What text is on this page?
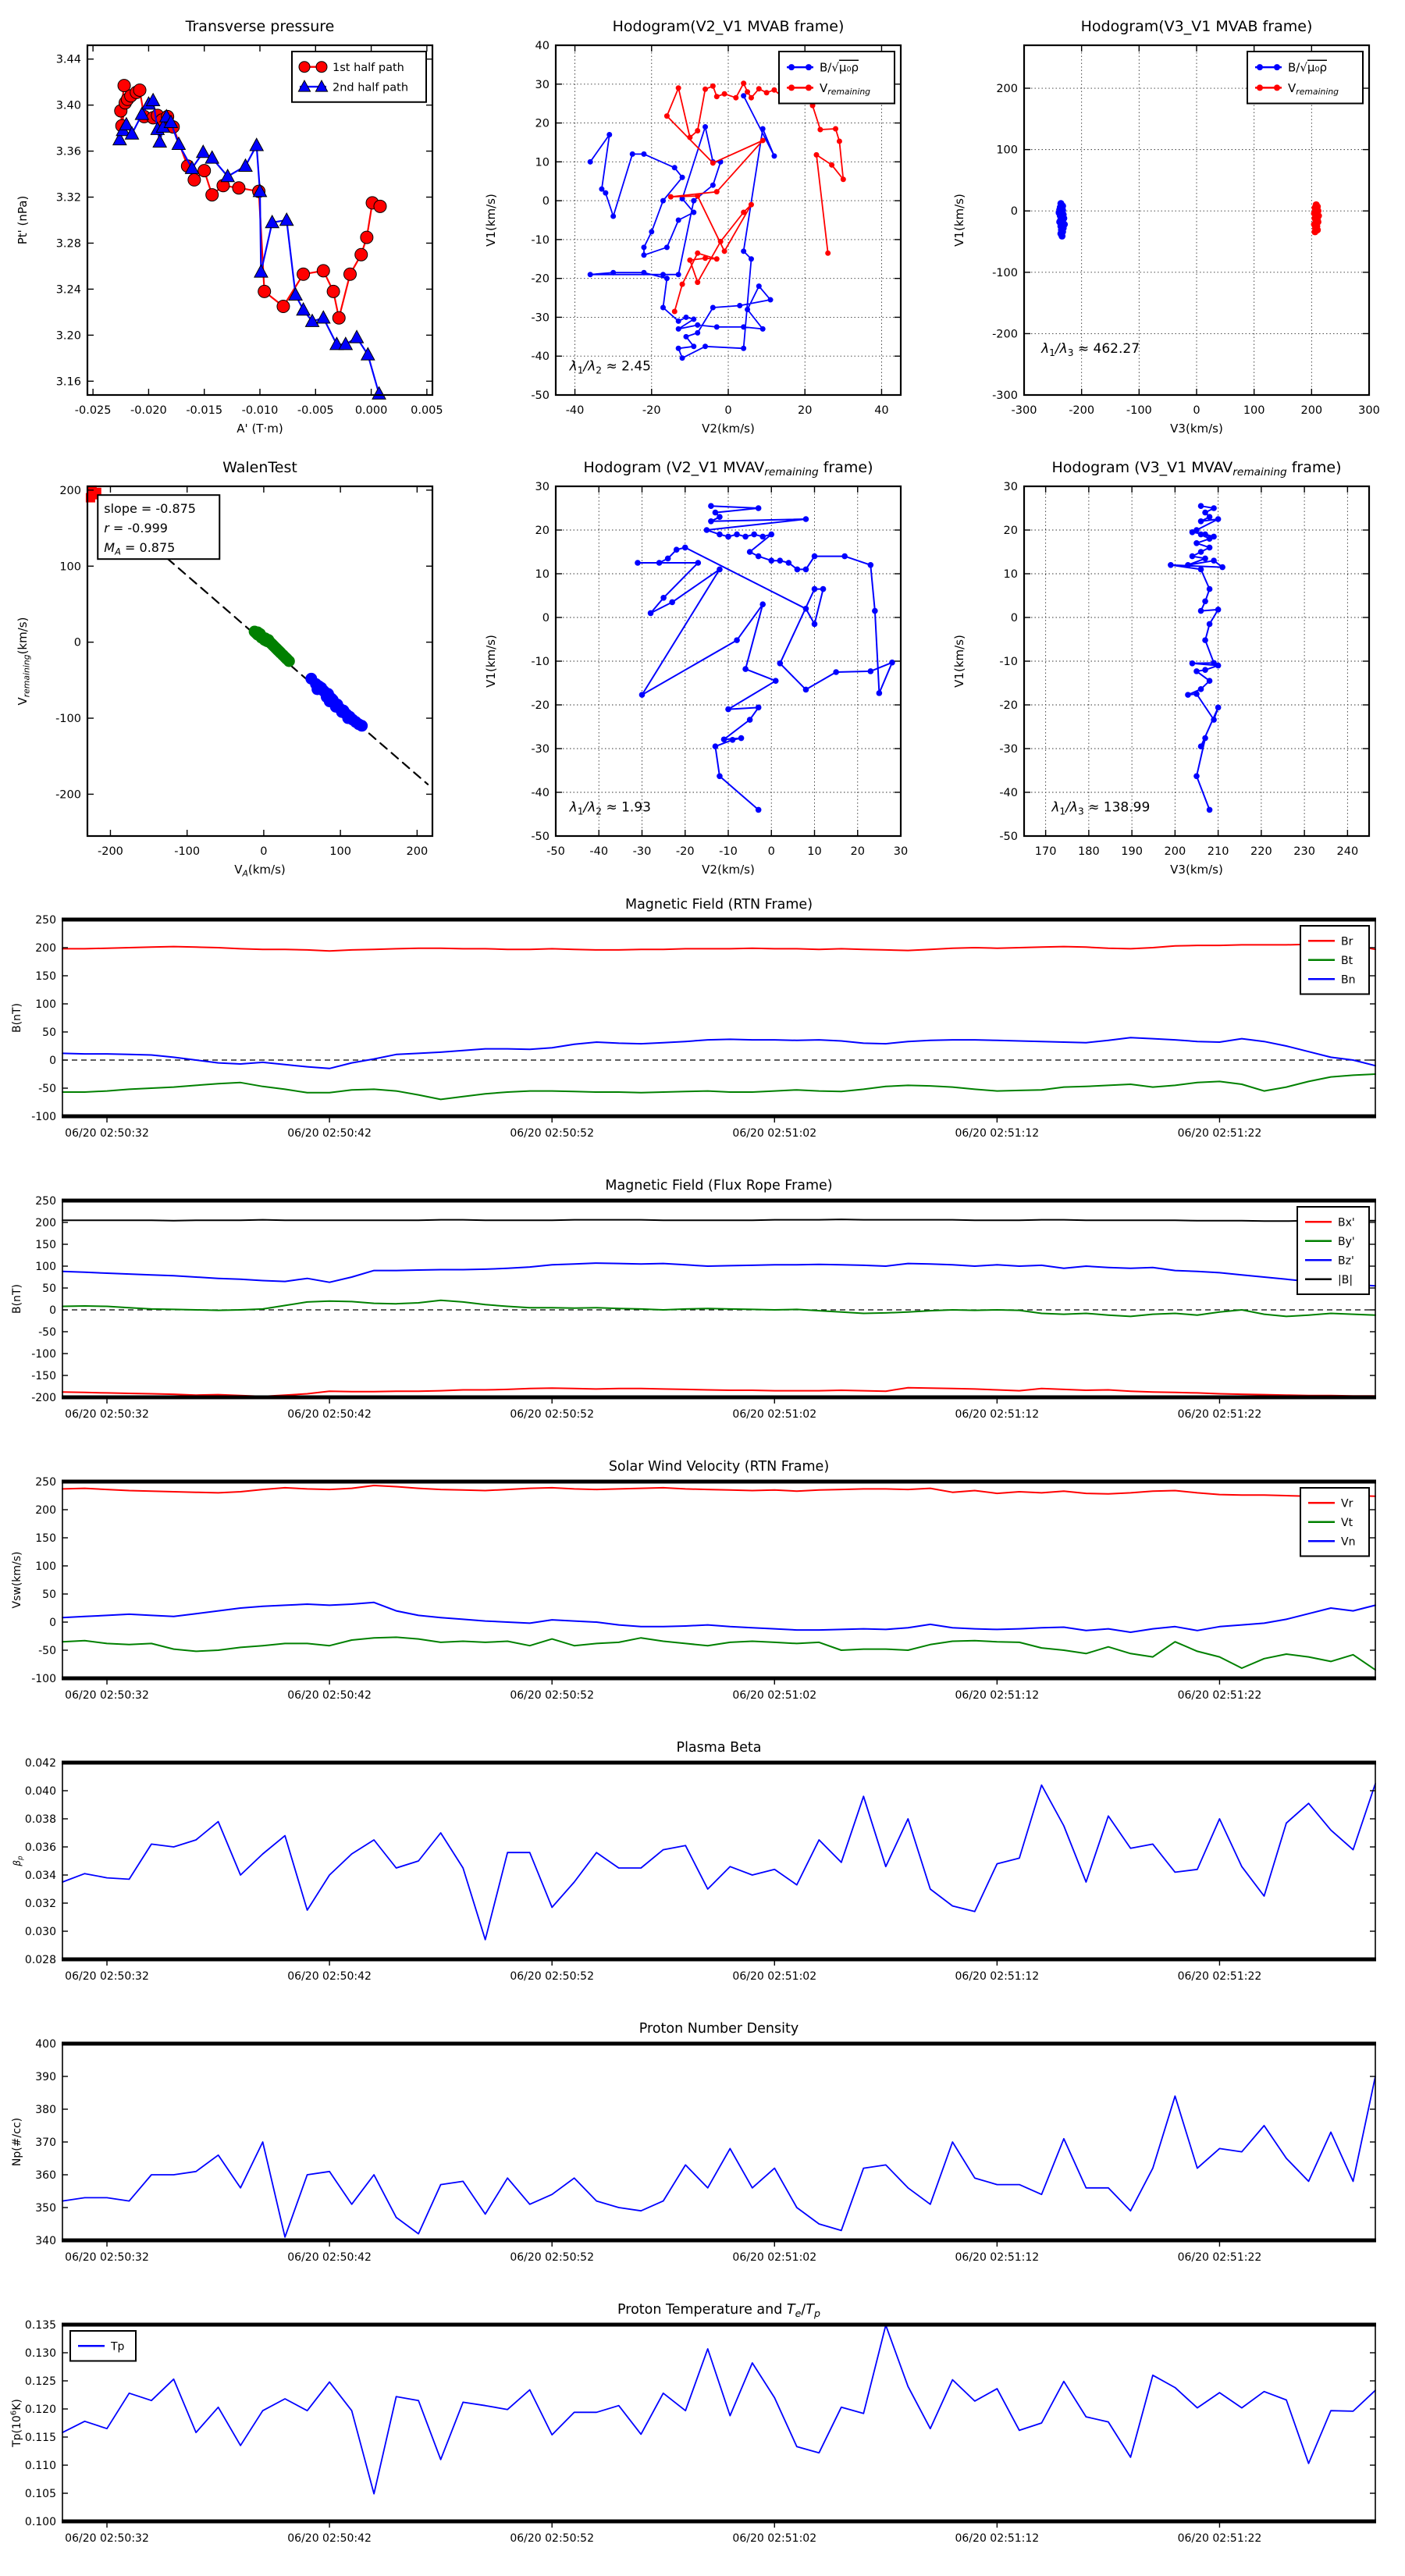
-0.025 -0.020 -0.015 -0.010 -0.005 0.000 0.005
3.16
3.20
3.24
3.28
3.32
3.36
3.40
3.44
Transverse pressure
A' (T·m)
Pt' (nPa)
1st half path
2nd half path
-40	-20	0	20	40
-50
-40
-30
-20
-10
0
10
20
30
40
Hodogram(V2_V1 MVAB frame)
V2(km/s)
V1(km/s)
$\lambda_1/\lambda_2 \approx 2.45$
B/√μ₀ρ
$V_{remaining}$
-300	-200	-100	0	100	200	300
-300
-200
-100
0
100
200
Hodogram(V3_V1 MVAB frame)
V3(km/s)
V1(km/s)
$\lambda_1/\lambda_3 \approx 462.27$
B/√μ₀ρ
$V_{remaining}$
-200	-100	0	100	200
-200
-100
0
100
200
WalenTest
$V_A(km/s)$
$V_{remaining}(km/s)$
slope = -0.875
r = -0.999
$M_A = 0.875$
-50 -40 -30 -20 -10	0	10	20	30
-50
-40
-30
-20
-10
0
10
20
30
Hodogram (V2_V1 $MVAV_{remaining}$ frame)
V2(km/s)
V1(km/s)
$\lambda_1/\lambda_2 \approx 1.93$
170 180 190 200 210 220 230 240
-50
-40
-30
-20
-10
0
10
20
30
Hodogram (V3_V1 $MVAV_{remaining}$ frame)
V3(km/s)
V1(km/s)
$\lambda_1/\lambda_3 \approx 138.99$
06/20 02:50:32	06/20 02:50:42	06/20 02:50:52	06/20 02:51:02	06/20 02:51:12	06/20 02:51:22
-100
-50
0
50
100
150
200
250
Magnetic Field (RTN Frame)
B(nT)
Br
Bt
Bn
06/20 02:50:32	06/20 02:50:42	06/20 02:50:52	06/20 02:51:02	06/20 02:51:12	06/20 02:51:22
-200
-150
-100
-50
0
50
100
150
200
250
Magnetic Field (Flux Rope Frame)
B(nT)
Bx'
By'
Bz'
|B|
06/20 02:50:32	06/20 02:50:42	06/20 02:50:52	06/20 02:51:02	06/20 02:51:12	06/20 02:51:22
-100
-50
0
50
100
150
200
250
Solar Wind Velocity (RTN Frame)
Vsw(km/s)
Vr
Vt
Vn
06/20 02:50:32	06/20 02:50:42	06/20 02:50:52	06/20 02:51:02	06/20 02:51:12	06/20 02:51:22
0.028
0.030
0.032
0.034
0.036
0.038
0.040
0.042
Plasma Beta
$\beta_p$
06/20 02:50:32	06/20 02:50:42	06/20 02:50:52	06/20 02:51:02	06/20 02:51:12	06/20 02:51:22
340
350
360
370
380
390
400
Proton Number Density
Np(#/cc)
06/20 02:50:32	06/20 02:50:42	06/20 02:50:52	06/20 02:51:02	06/20 02:51:12	06/20 02:51:22
0.100
0.105
0.110
0.115
0.120
0.125
0.130
0.135
Proton Temperature and $T_e/T_p$
$Tp(10^6K)$
Tp
